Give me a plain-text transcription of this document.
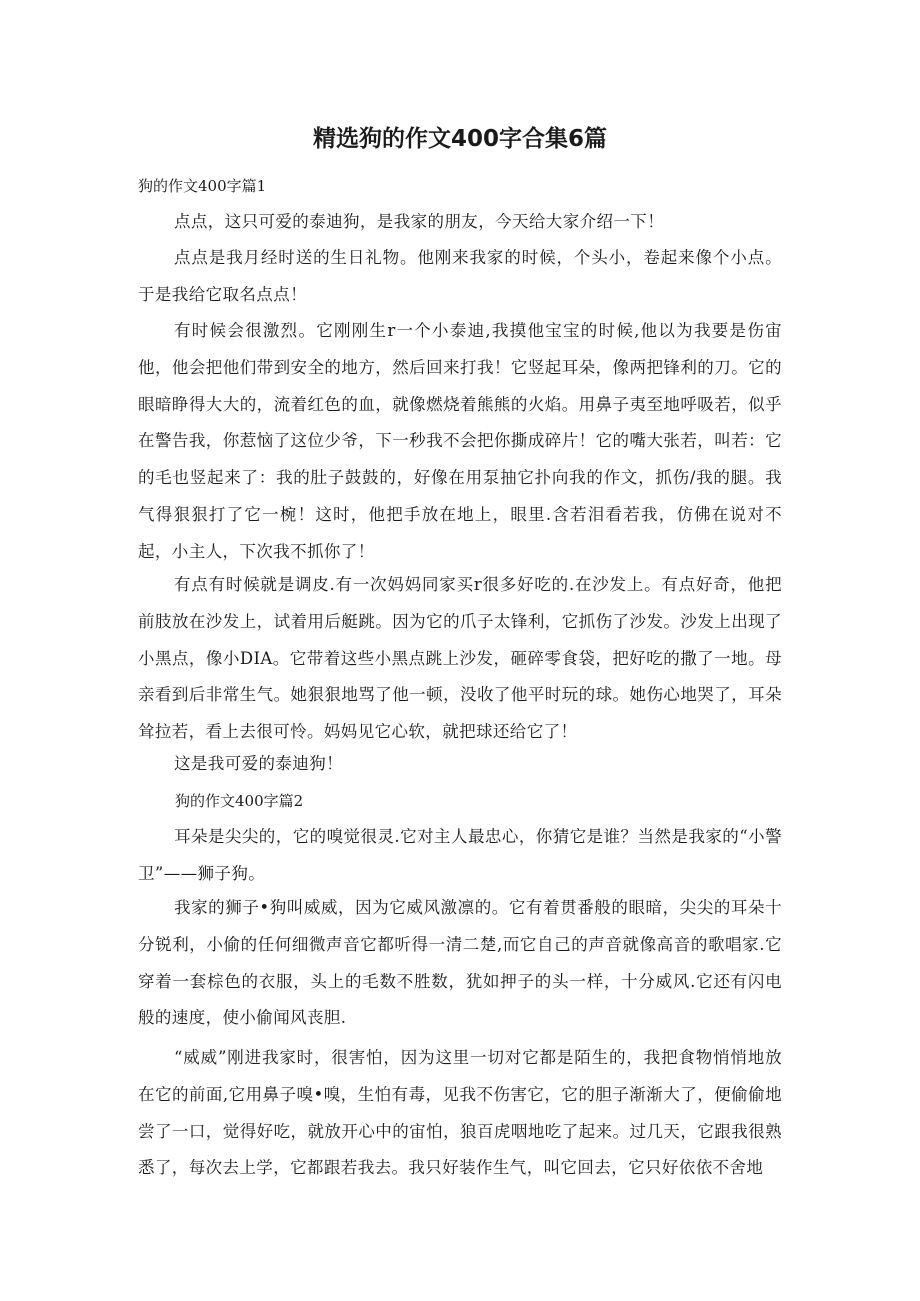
精选狗的作文400字合集6篇
狗的作文400字篇1
点点，这只可爱的泰迪狗，是我家的朋友，今天给大家介绍一下！
点点是我月经时送的生日礼物。他刚来我家的时候，个头小，卷起来像个小点。于是我给它取名点点！
有时候会很激烈。它刚刚生r一个小泰迪,我摸他宝宝的时候,他以为我要是伤宙他，他会把他们带到安全的地方，然后回来打我！它竖起耳朵，像两把锋利的刀。它的眼暗睁得大大的，流着红色的血，就像燃烧着熊熊的火焰。用鼻子夷至地呼吸若，似乎在警告我，你惹恼了这位少爷，下一秒我不会把你撕成碎片！它的嘴大张若，叫若：它的毛也竖起来了：我的肚子鼓鼓的，好像在用泵抽它扑向我的作文，抓伤/我的腿。我气得狠狠打了它一椀！这时，他把手放在地上，眼里.含若泪看若我，仿佛在说对不起，小主人，下次我不抓你了！
有点有时候就是调皮.有一次妈妈同家买r很多好吃的.在沙发上。有点好奇，他把前肢放在沙发上，试着用后艇跳。因为它的爪子太锋利，它抓伤了沙发。沙发上出现了小黑点，像小DIA。它带着这些小黑点跳上沙发，砸碎零食袋，把好吃的撒了一地。母亲看到后非常生气。她狠狠地骂了他一顿，没收了他平时玩的球。她伤心地哭了，耳朵耸拉若，看上去很可怜。妈妈见它心软，就把球还给它了！
这是我可爱的泰迪狗！
狗的作文400字篇2
耳朵是尖尖的，它的嗅觉很灵.它对主人最忠心，你猜它是谁？当然是我家的“小警卫”——狮子狗。
我家的狮子•狗叫威威，因为它威风激凛的。它有着贯番般的眼暗，尖尖的耳朵十分锐利，小偷的任何细微声音它都听得一清二楚,而它自己的声音就像高音的歌唱家.它穿着一套棕色的衣服，头上的毛数不胜数，犹如押子的头一样，十分威风.它还有闪电般的速度，使小偷闻风丧胆.
“威威”刚进我家时，很害怕，因为这里一切对它都是陌生的，我把食物悄悄地放在它的前面,它用鼻子嗅•嗅，生怕有毒，见我不伤害它，它的胆子渐渐大了，便偷偷地尝了一口，觉得好吃，就放开心中的宙怕，狼百虎咽地吃了起来。过几天，它跟我很熟悉了，每次去上学，它都跟若我去。我只好装作生气，叫它回去，它只好依依不舍地
